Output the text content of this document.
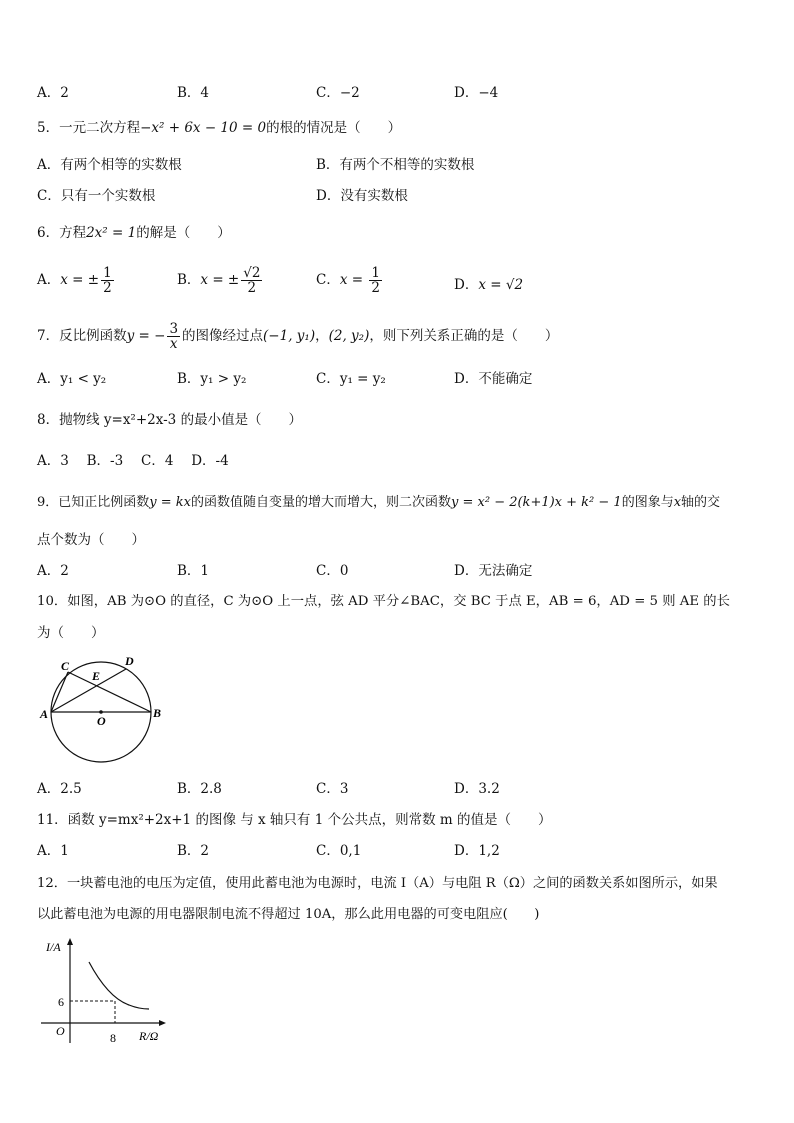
A．2	B．4	C．−2	D．−4
5．一元二次方程−x² + 6x − 10 = 0的根的情况是（　　）
A．有两个相等的实数根	B．有两个不相等的实数根
C．只有一个实数根	D．没有实数根
6．方程2x² = 1的解是（　　）
A．x = ± $\frac{1}{2}$	B．x = ± $\frac{√2}{2}$	C．$x = \frac{1}{2}$	D．x = √2
7．反比例函数y = − $\frac{3}{x}$ 的图像经过点(−1, y₁)，(2, y₂)，则下列关系正确的是（　　）
A．y₁ < y₂	B．y₁ > y₂	C．y₁ = y₂	D．不能确定
8．抛物线 y=x²+2x-3 的最小值是（　　）
A．3　 B．-3　 C．4　 D．-4
9．已知正比例函数y = kx的函数值随自变量的增大而增大，则二次函数y = x² − 2(k+1)x + k² − 1的图象与x轴的交
点个数为（　　）
A．2	B．1	C．0	D．无法确定
10．如图，AB 为⊙O 的直径，C 为⊙O 上一点，弦 AD 平分∠BAC，交 BC 于点 E，AB = 6，AD = 5 则 AE 的长
为（　　）
A	B
C	D
E
O
A．2.5	B．2.8	C．3	D．3.2
11．函数 y=mx²+2x+1 的图像 与 x 轴只有 1 个公共点，则常数 m 的值是（　　）
A．1	B．2	C．0,1	D．1,2
12．一块蓄电池的电压为定值，使用此蓄电池为电源时，电流 I（A）与电阻 R（Ω）之间的函数关系如图所示，如果
以此蓄电池为电源的用电器限制电流不得超过 10A，那么此用电器的可变电阻应(　　)
I/A
R/Ω
O
6
8
